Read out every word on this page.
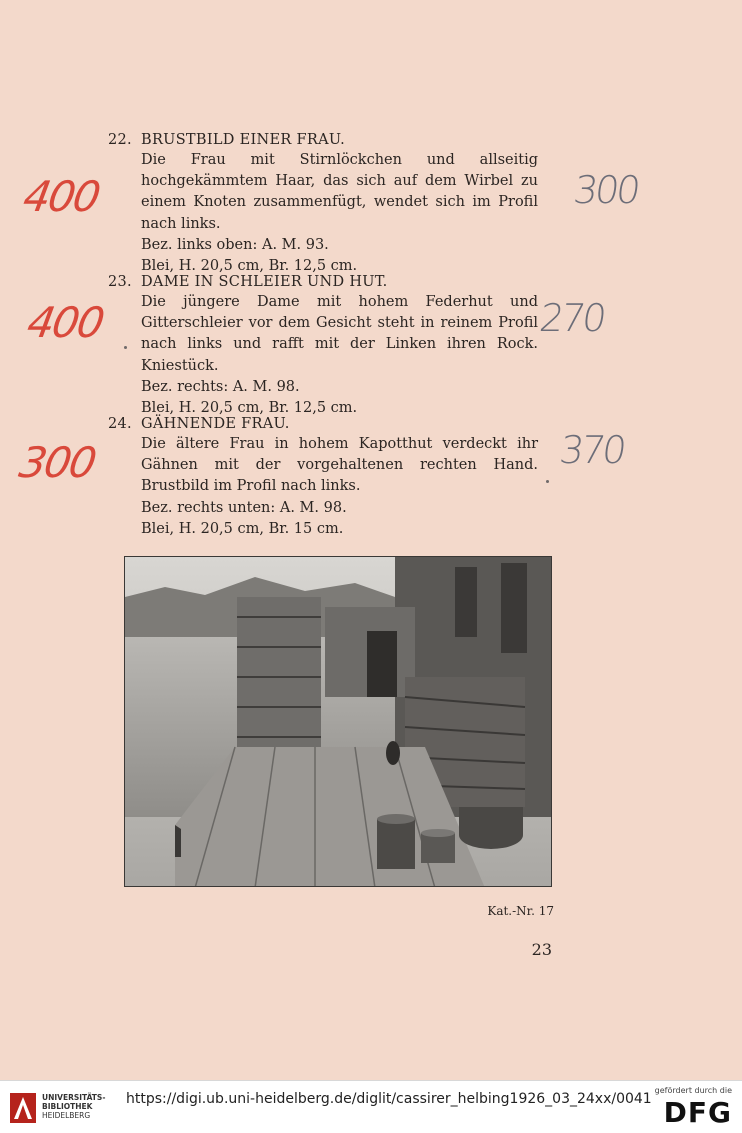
22. BRUSTBILD EINER FRAU.
Die Frau mit Stirnlöckchen und allseitig hochgekämmtem Haar, das sich auf dem Wirbel zu einem Knoten zusammenfügt, wendet sich im Profil nach links.
Bez. links oben: A. M. 93.
Blei, H. 20,5 cm, Br. 12,5 cm.
23. DAME IN SCHLEIER UND HUT.
Die jüngere Dame mit hohem Federhut und Gitterschleier vor dem Gesicht steht in reinem Profil nach links und rafft mit der Linken ihren Rock. Kniestück.
Bez. rechts: A. M. 98.
Blei, H. 20,5 cm, Br. 12,5 cm.
24. GÄHNENDE FRAU.
Die ältere Frau in hohem Kapotthut verdeckt ihr Gähnen mit der vorgehaltenen rechten Hand. Brustbild im Profil nach links.
Bez. rechts unten: A. M. 98.
Blei, H. 20,5 cm, Br. 15 cm.
400
400
300
300
270
370
Kat.-Nr. 17
23
UNIVERSITÄTS-
BIBLIOTHEK
HEIDELBERG
https://digi.ub.uni-heidelberg.de/diglit/cassirer_helbing1926_03_24xx/0041
gefördert durch die
DFG
